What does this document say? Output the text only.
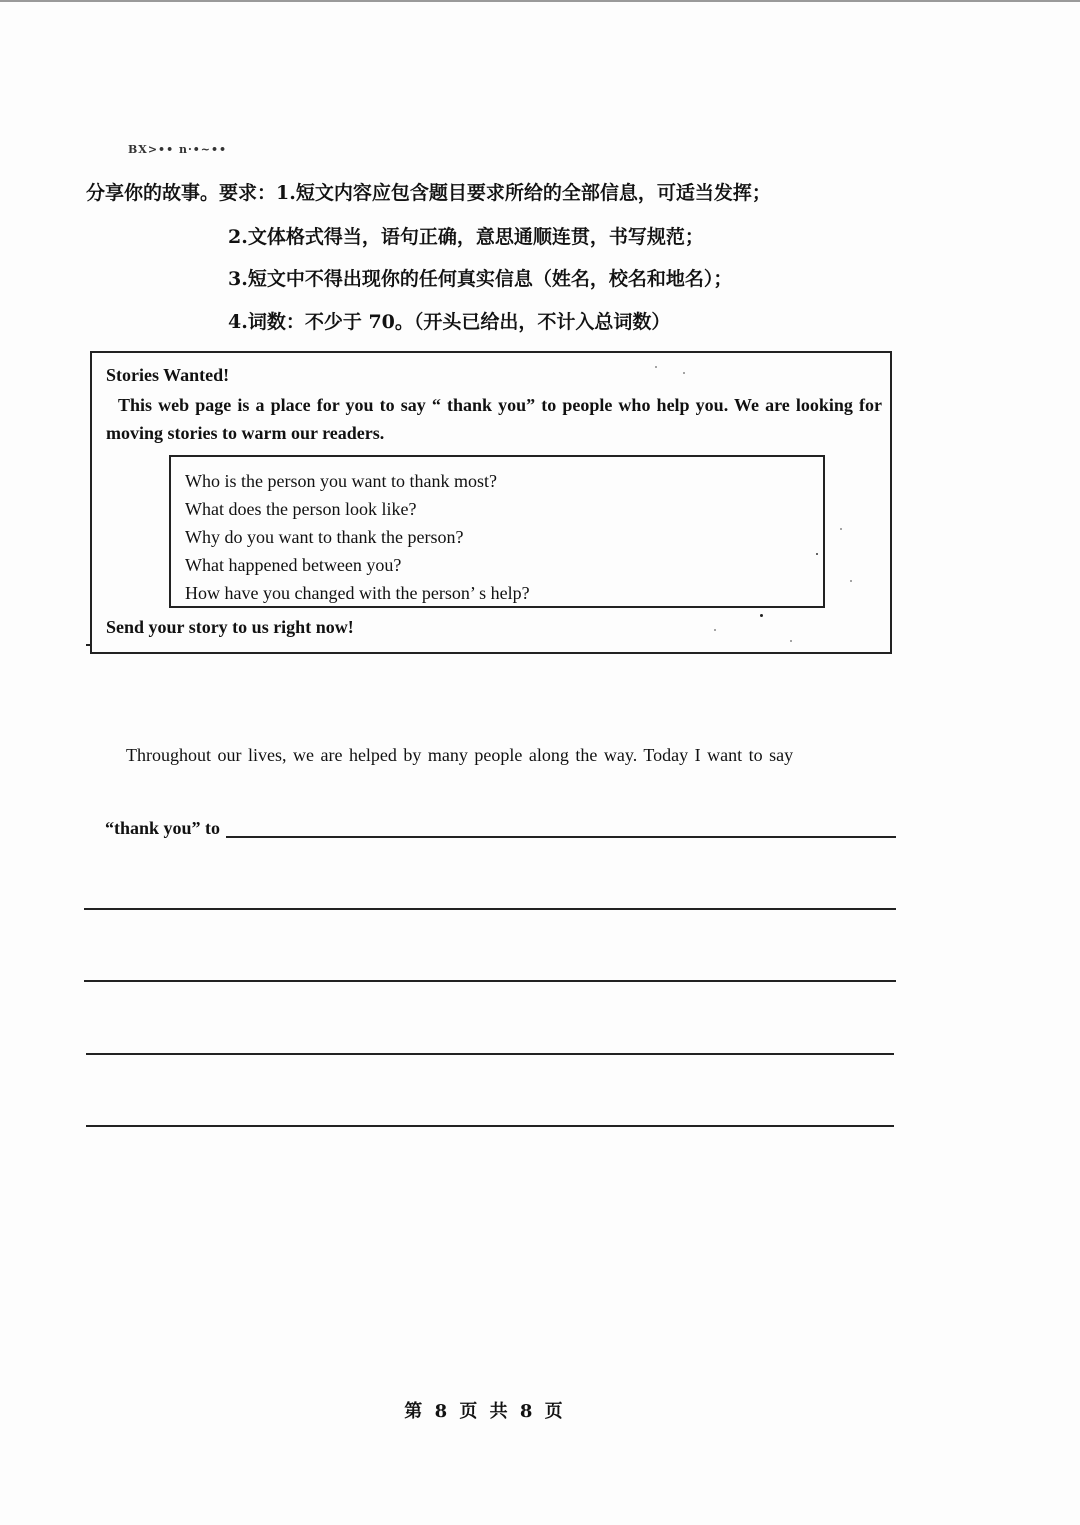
BX>•• n·•~••
分享你的故事。要求：1.短文内容应包含题目要求所给的全部信息，可适当发挥；
2.文体格式得当，语句正确，意思通顺连贯，书写规范；
3.短文中不得出现你的任何真实信息（姓名，校名和地名）；
4.词数：不少于 70。（开头已给出，不计入总词数）
Stories Wanted!
This web page is a place for you to say “ thank you” to people who help you. We are looking for moving stories to warm our readers.
Who is the person you want to thank most?
What does the person look like?
Why do you want to thank the person?
What happened between you?
How have you changed with the person’ s help?
Send your story to us right now!
Throughout our lives, we are helped by many people along the way. Today I want to say
“thank you” to
第 8 页 共 8 页
